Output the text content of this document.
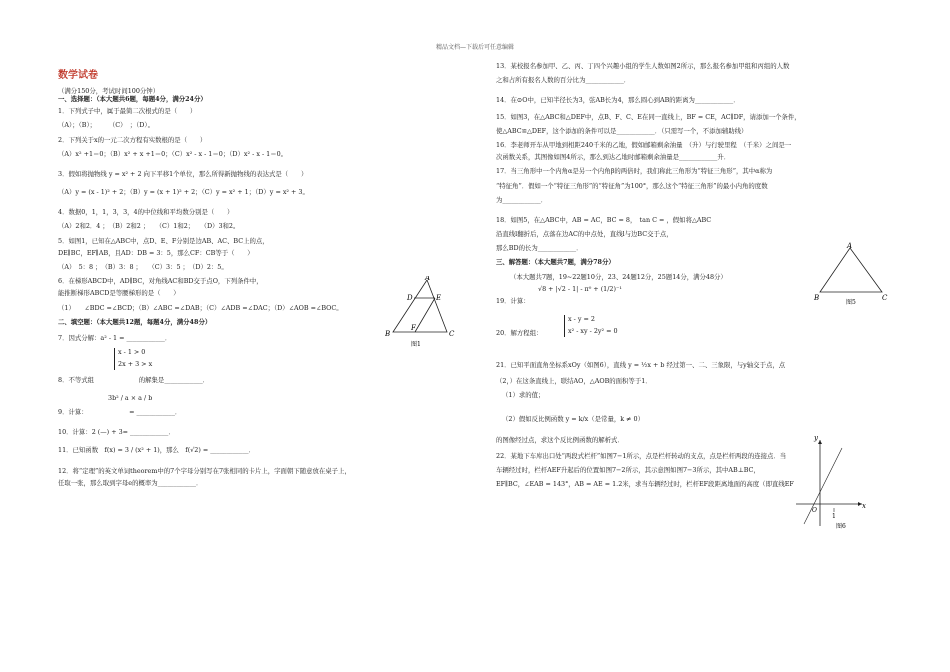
精品文档—下载后可任意编辑
数学试卷

（满分150分，考试时间100分钟）

一、选择题：（本大题共6题，每题4分，满分24分）

1．下列式子中，属于最简二次根式的是（　　）

（A）；（B）；　　　（C）　；（D）。

2．下列关于x的一元二次方程有实数根的是（　　）

（A）x² +1＝0；（B）x² + x +1＝0；（C）x² - x - 1＝0；（D）x² - x - 1＝0。

3．假如将抛物线 y = x² + 2 向下平移1个单位，那么所得新抛物线的表达式是（　　）

（A）y = (x - 1)² + 2；（B）y = (x + 1)² + 2；（C）y = x² + 1；（D）y = x² + 3。

4．数据0，1，1，3，3，4的中位线和平均数分别是（　　）

（A）2和2．4 ；　（B）2和2 ；　　（C）1和2；　　（D）3和2。

5．如图1，已知在△ABC中，点D、E、F分别是边AB、AC、BC上的点，

DE∥BC，EF∥AB，且AD：DB = 3：5，那么CF：CB等于（　　）

（A）　5：8 ；　（B）3：8 ；　　（C）3：5 ；　（D）2：5。

6．在梯形ABCD中，AD∥BC，对角线AC和BD交于点O，下列条件中，

能推断梯形ABCD是等腰梯形的是（　　）

（1）　　∠BDC =∠BCD；（B）∠ABC =∠DAB；（C）∠ADB =∠DAC；（D）∠AOB =∠BOC。

二、填空题：（本大题共12题，每题4分，满分48分）

7．因式分解：a² - 1 = ____________．

x - 1 > 0
2x + 3 > x
8．不等式组　　　　　　　的解集是____________．
3b² / a × a / b
9．计算：　　　　　　　= ____________．

10．计算：2 (—) + 3= ____________．

11．已知函数　f(x) = 3 / (x² + 1)，那么　f(√2) = ____________．

12．将“定理”的英文单词theorem中的7个字母分别写在7张相同的卡片上，字面朝下随意放在桌子上，

任取一张，那么取到字母e的概率为____________．

A
D	E
B
F
C
图1

13．某校报名参加甲、乙、丙、丁四个兴趣小组的学生人数如图2所示，那么报名参加甲组和丙组的人数

之和占所有报名人数的百分比为____________．

14．在⊙O中，已知半径长为3，弦AB长为4，那么圆心到AB的距离为____________．

15．如图3，在△ABC和△DEF中，点B、F、C、E在同一直线上，BF = CE，AC∥DF，请添加一个条件，

使△ABC≌△DEF，这个添加的条件可以是____________．（只需写一个，不添加辅助线）

16．李老师开车从甲地到相距240千米的乙地，假如邮箱剩余油量　（升）与行驶里程　（千米）之间是一

次函数关系，其图像如图4所示，那么到达乙地时邮箱剩余油量是____________升．

17．当三角形中一个内角α是另一个内角β的两倍时，我们称此三角形为“特征三角形”，其中α称为

“特征角”．假如一个“特征三角形”的“特征角”为100°，那么这个“特征三角形”的最小内角的度数

为____________．

18．如图5，在△ABC中，AB = AC，BC = 8，　tan C = ，假如将△ABC

沿直线l翻折后，点落在边AC的中点处，直线l与边BC交于点，

那么BD的长为____________．

三、解答题：（本大题共7题，满分78分）

（本大题共7题，19~22题10分，23、24题12分，25题14分，满分48分）

√8 + |√2 - 1| - π⁰ + (1/2)⁻¹
19．计算：
x - y = 2
x² - xy - 2y² = 0
20．解方程组：

21．已知平面直角坐标系xOy（如图6），直线 y = ½x + b 经过第一、二、三象限，与y轴交于点，点

（2，）在这条直线上，联结AO，△AOB的面积等于1．

（1）求的值；

（2）假如反比例函数 y = k/x（是常量，k ≠ 0）

的图像经过点，求这个反比例函数的解析式．

22．某地下车库出口处“两段式栏杆”如图7−1所示，点是栏杆转动的支点，点是栏杆两段的连接点．当

车辆经过时，栏杆AEF升起后的位置如图7−2所示，其示意图如图7−3所示，其中AB⊥BC，

EF∥BC，∠EAB = 143°，AB = AE = 1.2米，求当车辆经过时，栏杆EF段距离地面的高度（即直线EF

A
B	C
图5
y
x
O
1
图6
